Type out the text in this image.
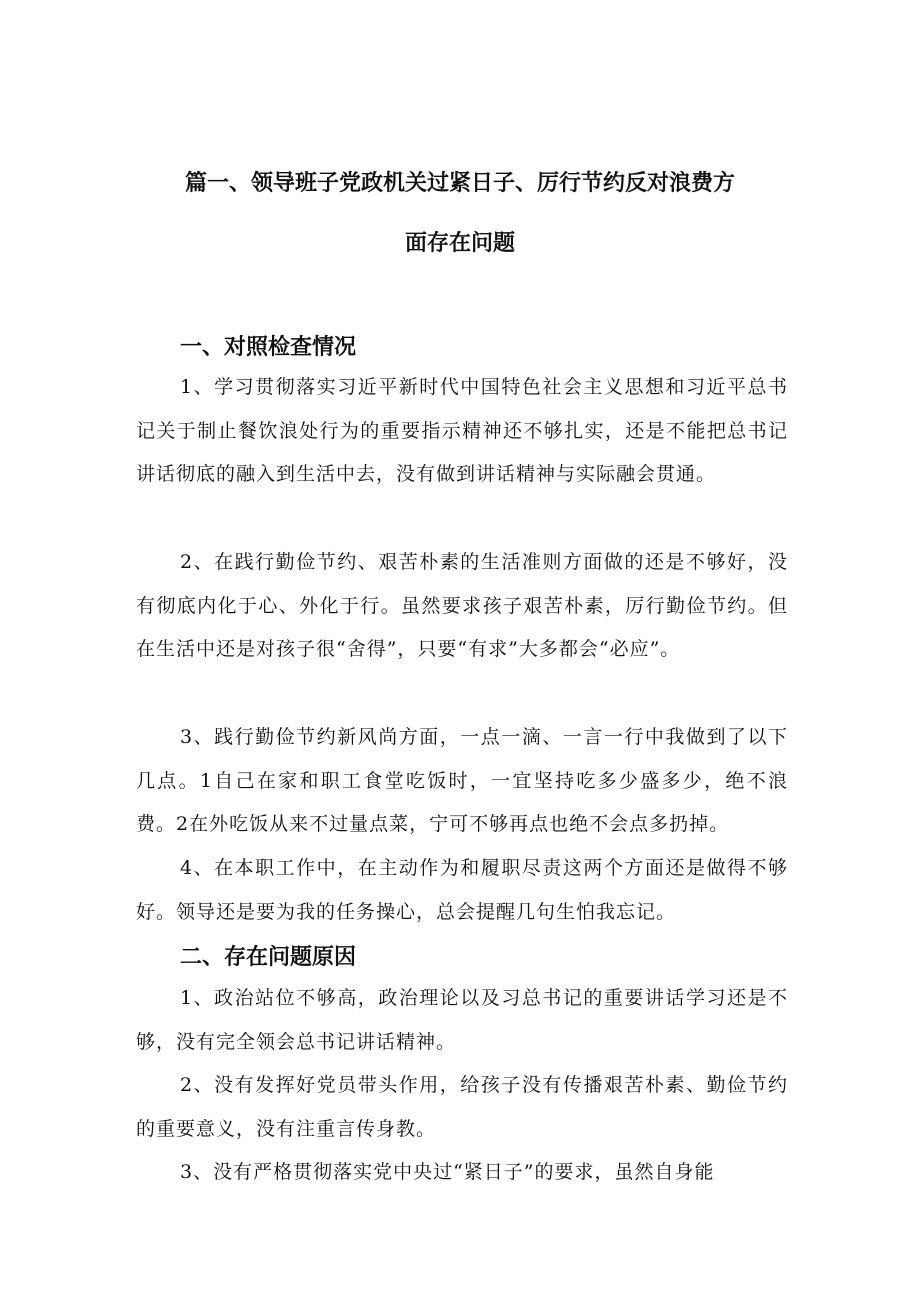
篇一、领导班子党政机关过紧日子、厉行节约反对浪费方
面存在问题
一、对照检查情况
1、学习贯彻落实习近平新时代中国特色社会主义思想和习近平总书记关于制止餐饮浪处行为的重要指示精神还不够扎实，还是不能把总书记讲话彻底的融入到生活中去，没有做到讲话精神与实际融会贯通。
2、在践行勤俭节约、艰苦朴素的生活准则方面做的还是不够好，没有彻底内化于心、外化于行。虽然要求孩子艰苦朴素，厉行勤俭节约。但在生活中还是对孩子很“舍得”，只要“有求”大多都会“必应”。
3、践行勤俭节约新风尚方面，一点一滴、一言一行中我做到了以下几点。1自己在家和职工食堂吃饭时，一宜坚持吃多少盛多少，绝不浪费。2在外吃饭从来不过量点菜，宁可不够再点也绝不会点多扔掉。
4、在本职工作中，在主动作为和履职尽责这两个方面还是做得不够好。领导还是要为我的任务操心，总会提醒几句生怕我忘记。
二、存在问题原因
1、政治站位不够高，政治理论以及习总书记的重要讲话学习还是不够，没有完全领会总书记讲话精神。
2、没有发挥好党员带头作用，给孩子没有传播艰苦朴素、勤俭节约的重要意义，没有注重言传身教。
3、没有严格贯彻落实党中央过“紧日子”的要求，虽然自身能
